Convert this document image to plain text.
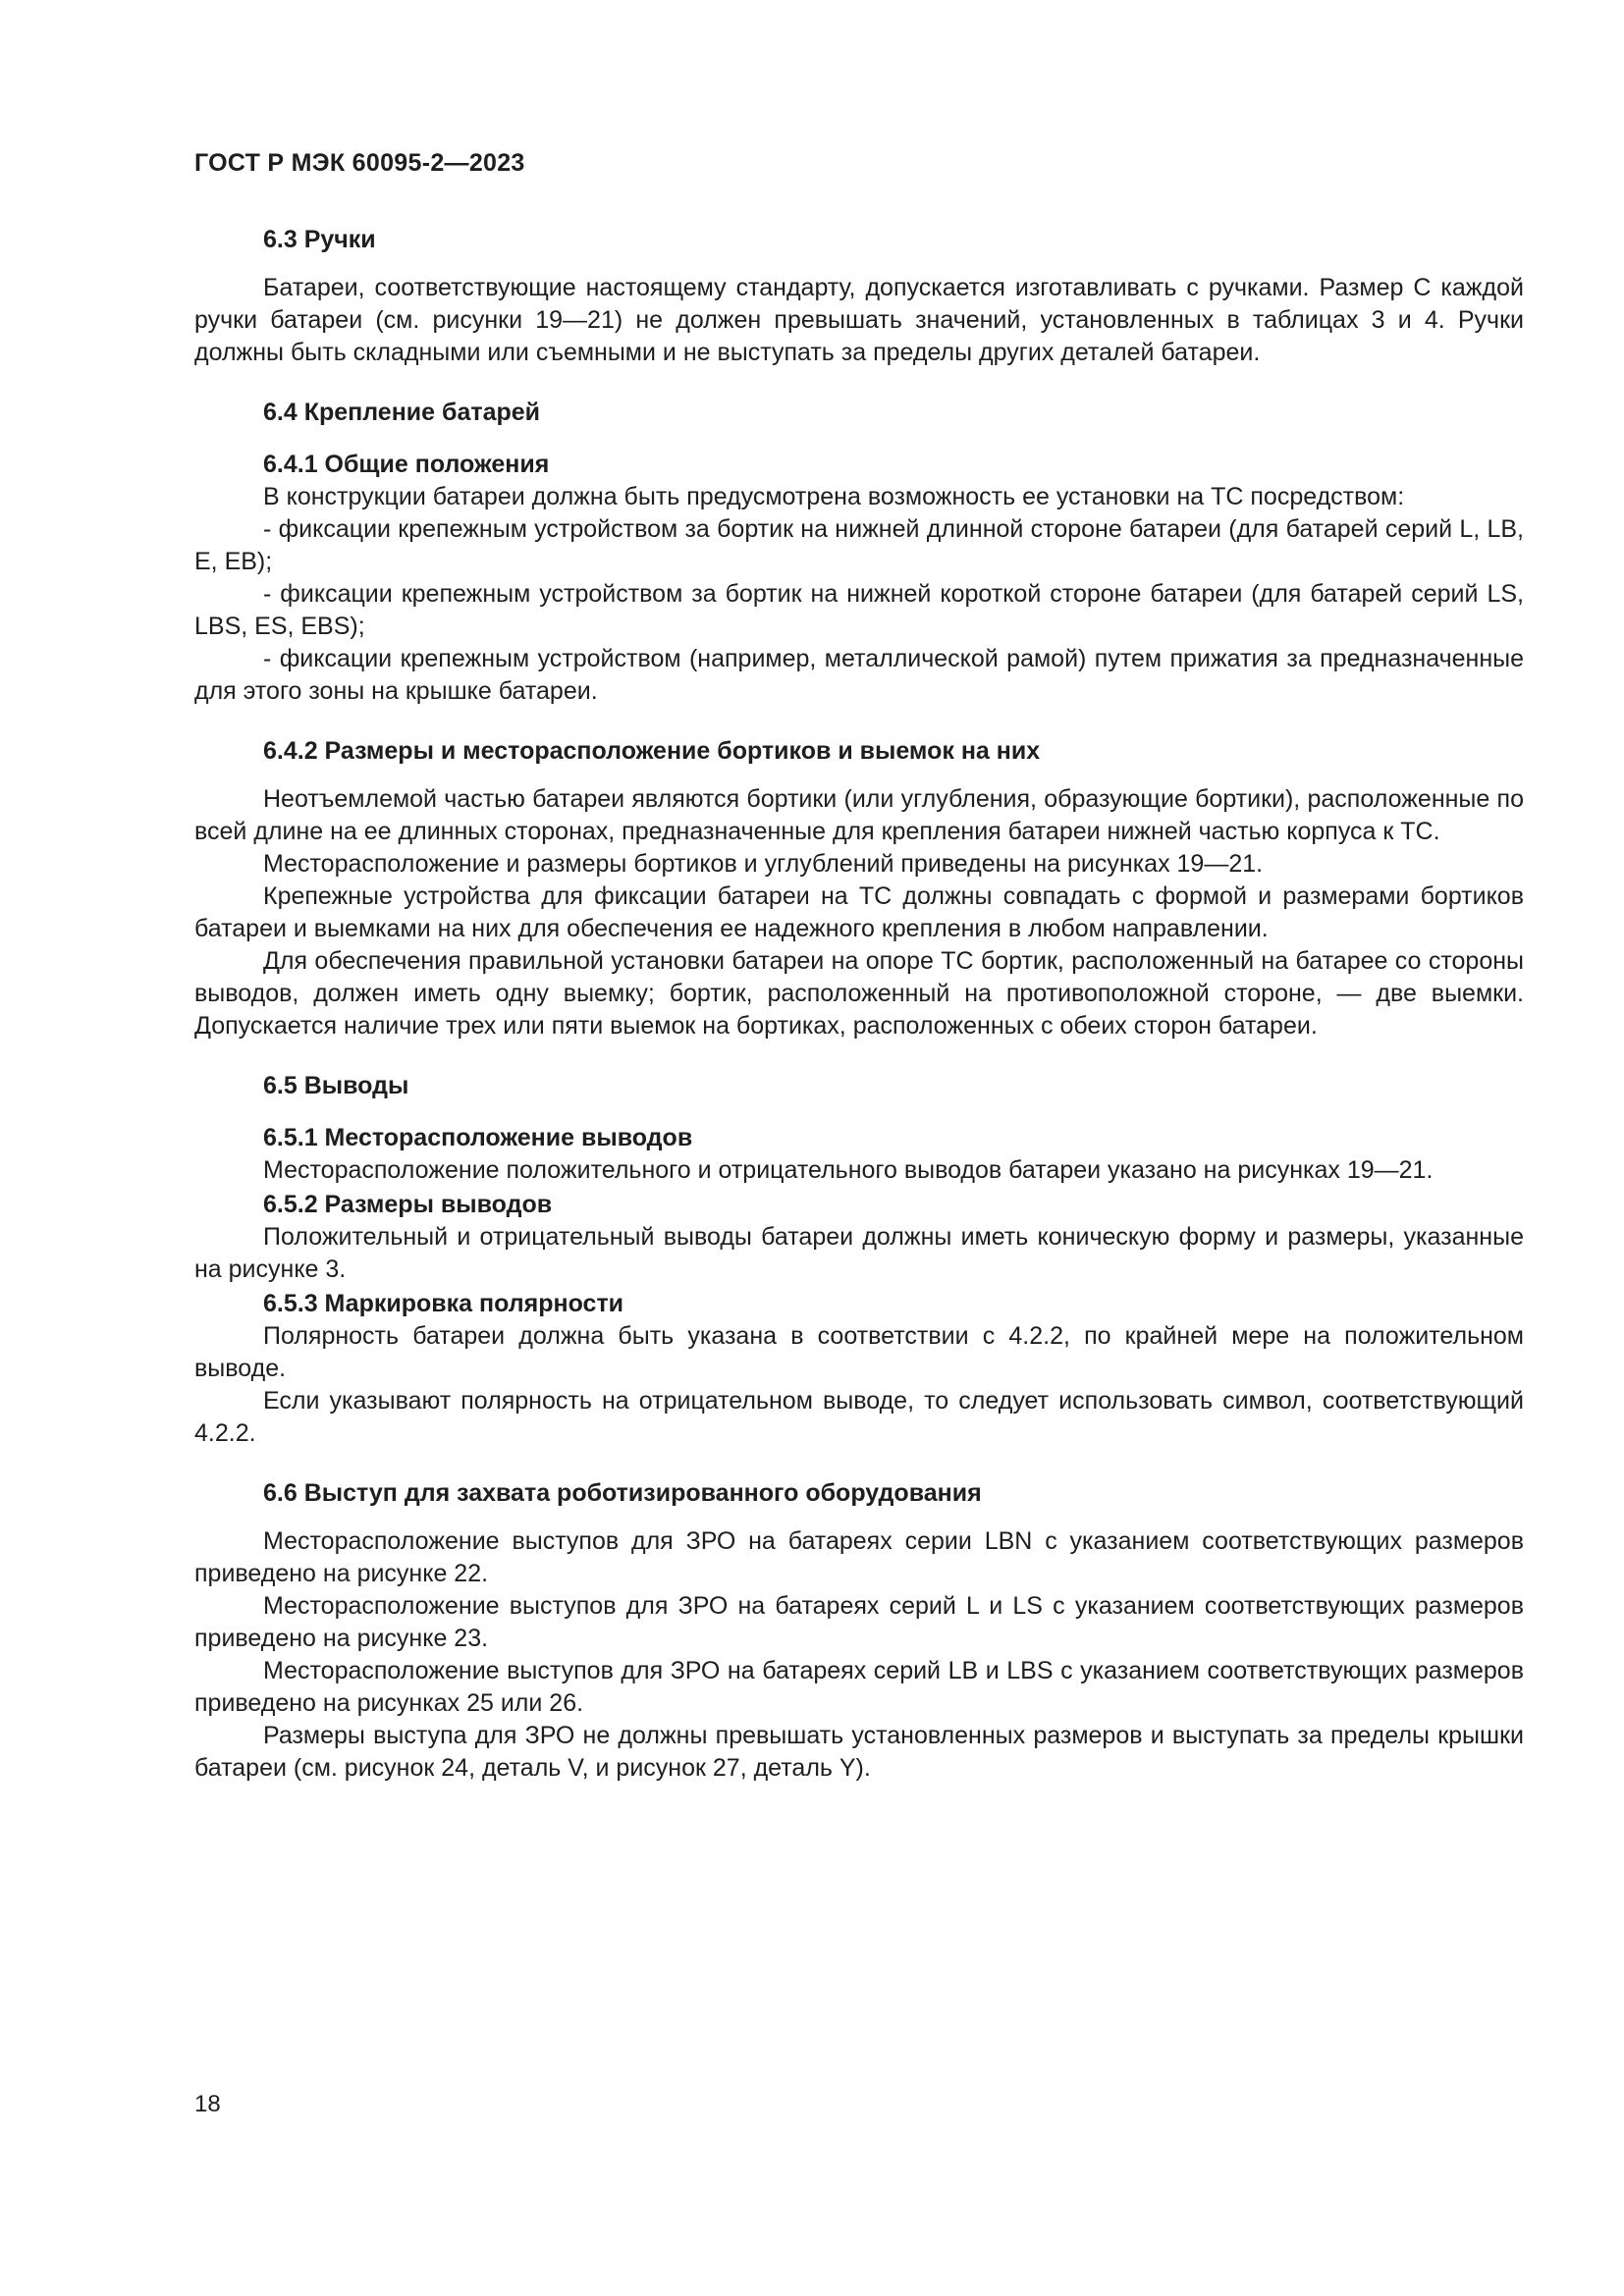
ГОСТ Р МЭК 60095-2—2023

6.3 Ручки

Батареи, соответствующие настоящему стандарту, допускается изготавливать с ручками. Размер С каждой ручки батареи (см. рисунки 19—21) не должен превышать значений, установленных в таблицах 3 и 4. Ручки должны быть складными или съемными и не выступать за пределы других деталей батареи.

6.4 Крепление батарей

6.4.1 Общие положения

В конструкции батареи должна быть предусмотрена возможность ее установки на ТС посредством:

- фиксации крепежным устройством за бортик на нижней длинной стороне батареи (для батарей серий L, LB, E, EB);

- фиксации крепежным устройством за бортик на нижней короткой стороне батареи (для батарей серий LS, LBS, ES, EBS);

- фиксации крепежным устройством (например, металлической рамой) путем прижатия за предназначенные для этого зоны на крышке батареи.

6.4.2 Размеры и месторасположение бортиков и выемок на них

Неотъемлемой частью батареи являются бортики (или углубления, образующие бортики), расположенные по всей длине на ее длинных сторонах, предназначенные для крепления батареи нижней частью корпуса к ТС.

Месторасположение и размеры бортиков и углублений приведены на рисунках 19—21.

Крепежные устройства для фиксации батареи на ТС должны совпадать с формой и размерами бортиков батареи и выемками на них для обеспечения ее надежного крепления в любом направлении.

Для обеспечения правильной установки батареи на опоре ТС бортик, расположенный на батарее со стороны выводов, должен иметь одну выемку; бортик, расположенный на противоположной стороне, — две выемки. Допускается наличие трех или пяти выемок на бортиках, расположенных с обеих сторон батареи.

6.5 Выводы

6.5.1 Месторасположение выводов

Месторасположение положительного и отрицательного выводов батареи указано на рисунках 19—21.

6.5.2 Размеры выводов

Положительный и отрицательный выводы батареи должны иметь коническую форму и размеры, указанные на рисунке 3.

6.5.3 Маркировка полярности

Полярность батареи должна быть указана в соответствии с 4.2.2, по крайней мере на положительном выводе.

Если указывают полярность на отрицательном выводе, то следует использовать символ, соответствующий 4.2.2.

6.6 Выступ для захвата роботизированного оборудования

Месторасположение выступов для ЗРО на батареях серии LBN с указанием соответствующих размеров приведено на рисунке 22.

Месторасположение выступов для ЗРО на батареях серий L и LS с указанием соответствующих размеров приведено на рисунке 23.

Месторасположение выступов для ЗРО на батареях серий LB и LBS с указанием соответствующих размеров приведено на рисунках 25 или 26.

Размеры выступа для ЗРО не должны превышать установленных размеров и выступать за пределы крышки батареи (см. рисунок 24, деталь V, и рисунок 27, деталь Y).

18
